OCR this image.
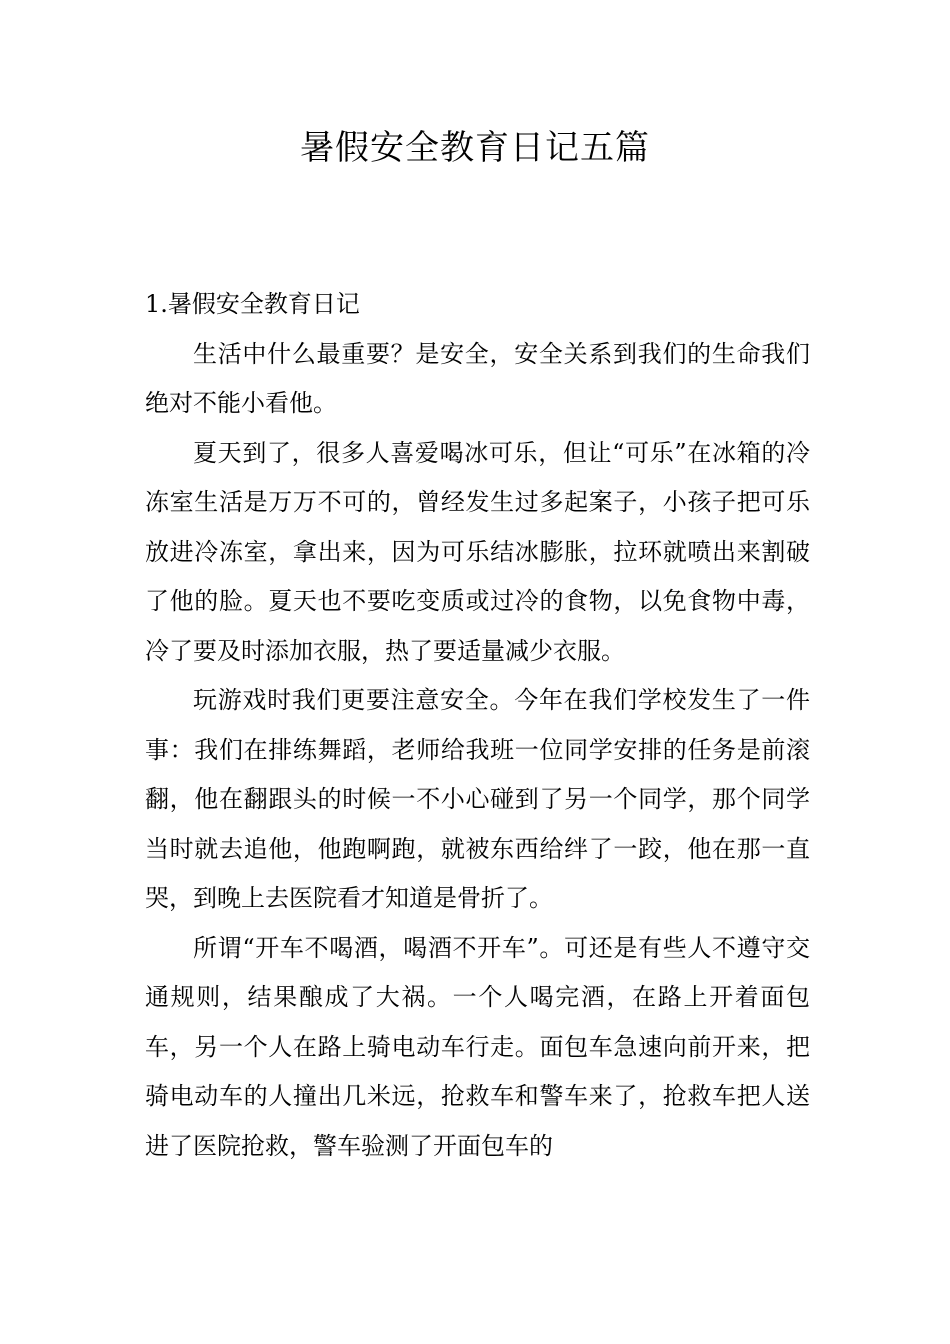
暑假安全教育日记五篇
1.暑假安全教育日记

生活中什么最重要？是安全，安全关系到我们的生命我们绝对不能小看他。

夏天到了，很多人喜爱喝冰可乐，但让“可乐”在冰箱的冷冻室生活是万万不可的，曾经发生过多起案子，小孩子把可乐放进冷冻室，拿出来，因为可乐结冰膨胀，拉环就喷出来割破了他的脸。夏天也不要吃变质或过冷的食物，以免食物中毒，冷了要及时添加衣服，热了要适量减少衣服。

玩游戏时我们更要注意安全。今年在我们学校发生了一件事：我们在排练舞蹈，老师给我班一位同学安排的任务是前滚翻，他在翻跟头的时候一不小心碰到了另一个同学，那个同学当时就去追他，他跑啊跑，就被东西给绊了一跤，他在那一直哭，到晚上去医院看才知道是骨折了。

所谓“开车不喝酒，喝酒不开车”。可还是有些人不遵守交通规则，结果酿成了大祸。一个人喝完酒，在路上开着面包车，另一个人在路上骑电动车行走。面包车急速向前开来，把骑电动车的人撞出几米远，抢救车和警车来了，抢救车把人送进了医院抢救，警车验测了开面包车的
